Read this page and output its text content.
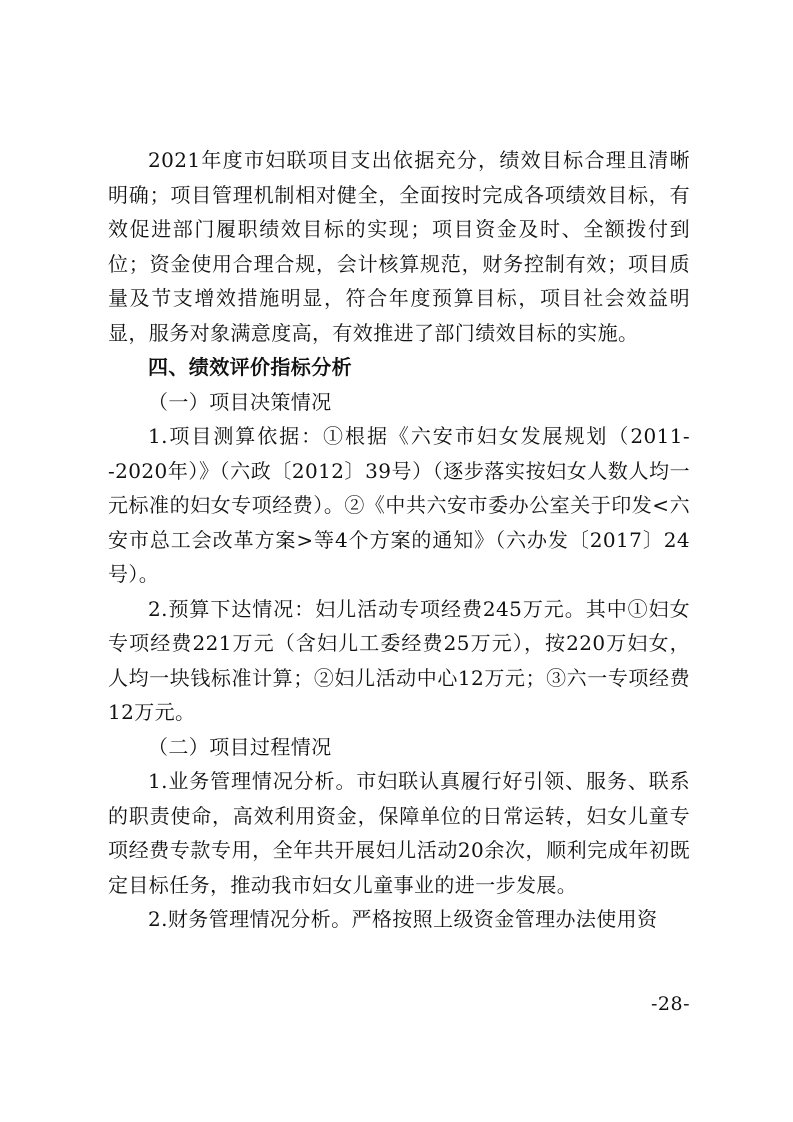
2021年度市妇联项目支出依据充分，绩效目标合理且清晰明确；项目管理机制相对健全，全面按时完成各项绩效目标，有效促进部门履职绩效目标的实现；项目资金及时、全额拨付到位；资金使用合理合规，会计核算规范，财务控制有效；项目质量及节支增效措施明显，符合年度预算目标，项目社会效益明显，服务对象满意度高，有效推进了部门绩效目标的实施。

四、绩效评价指标分析

（一）项目决策情况

1.项目测算依据：①根据《六安市妇女发展规划（2011--2020年）》（六政〔2012〕39号）（逐步落实按妇女人数人均一元标准的妇女专项经费）。②《中共六安市委办公室关于印发<六安市总工会改革方案>等4个方案的通知》（六办发〔2017〕24号）。

2.预算下达情况：妇儿活动专项经费245万元。其中①妇女专项经费221万元（含妇儿工委经费25万元），按220万妇女，人均一块钱标准计算；②妇儿活动中心12万元；③六一专项经费12万元。

（二）项目过程情况

1.业务管理情况分析。市妇联认真履行好引领、服务、联系的职责使命，高效利用资金，保障单位的日常运转，妇女儿童专项经费专款专用，全年共开展妇儿活动20余次，顺利完成年初既定目标任务，推动我市妇女儿童事业的进一步发展。

2.财务管理情况分析。严格按照上级资金管理办法使用资

-28-
